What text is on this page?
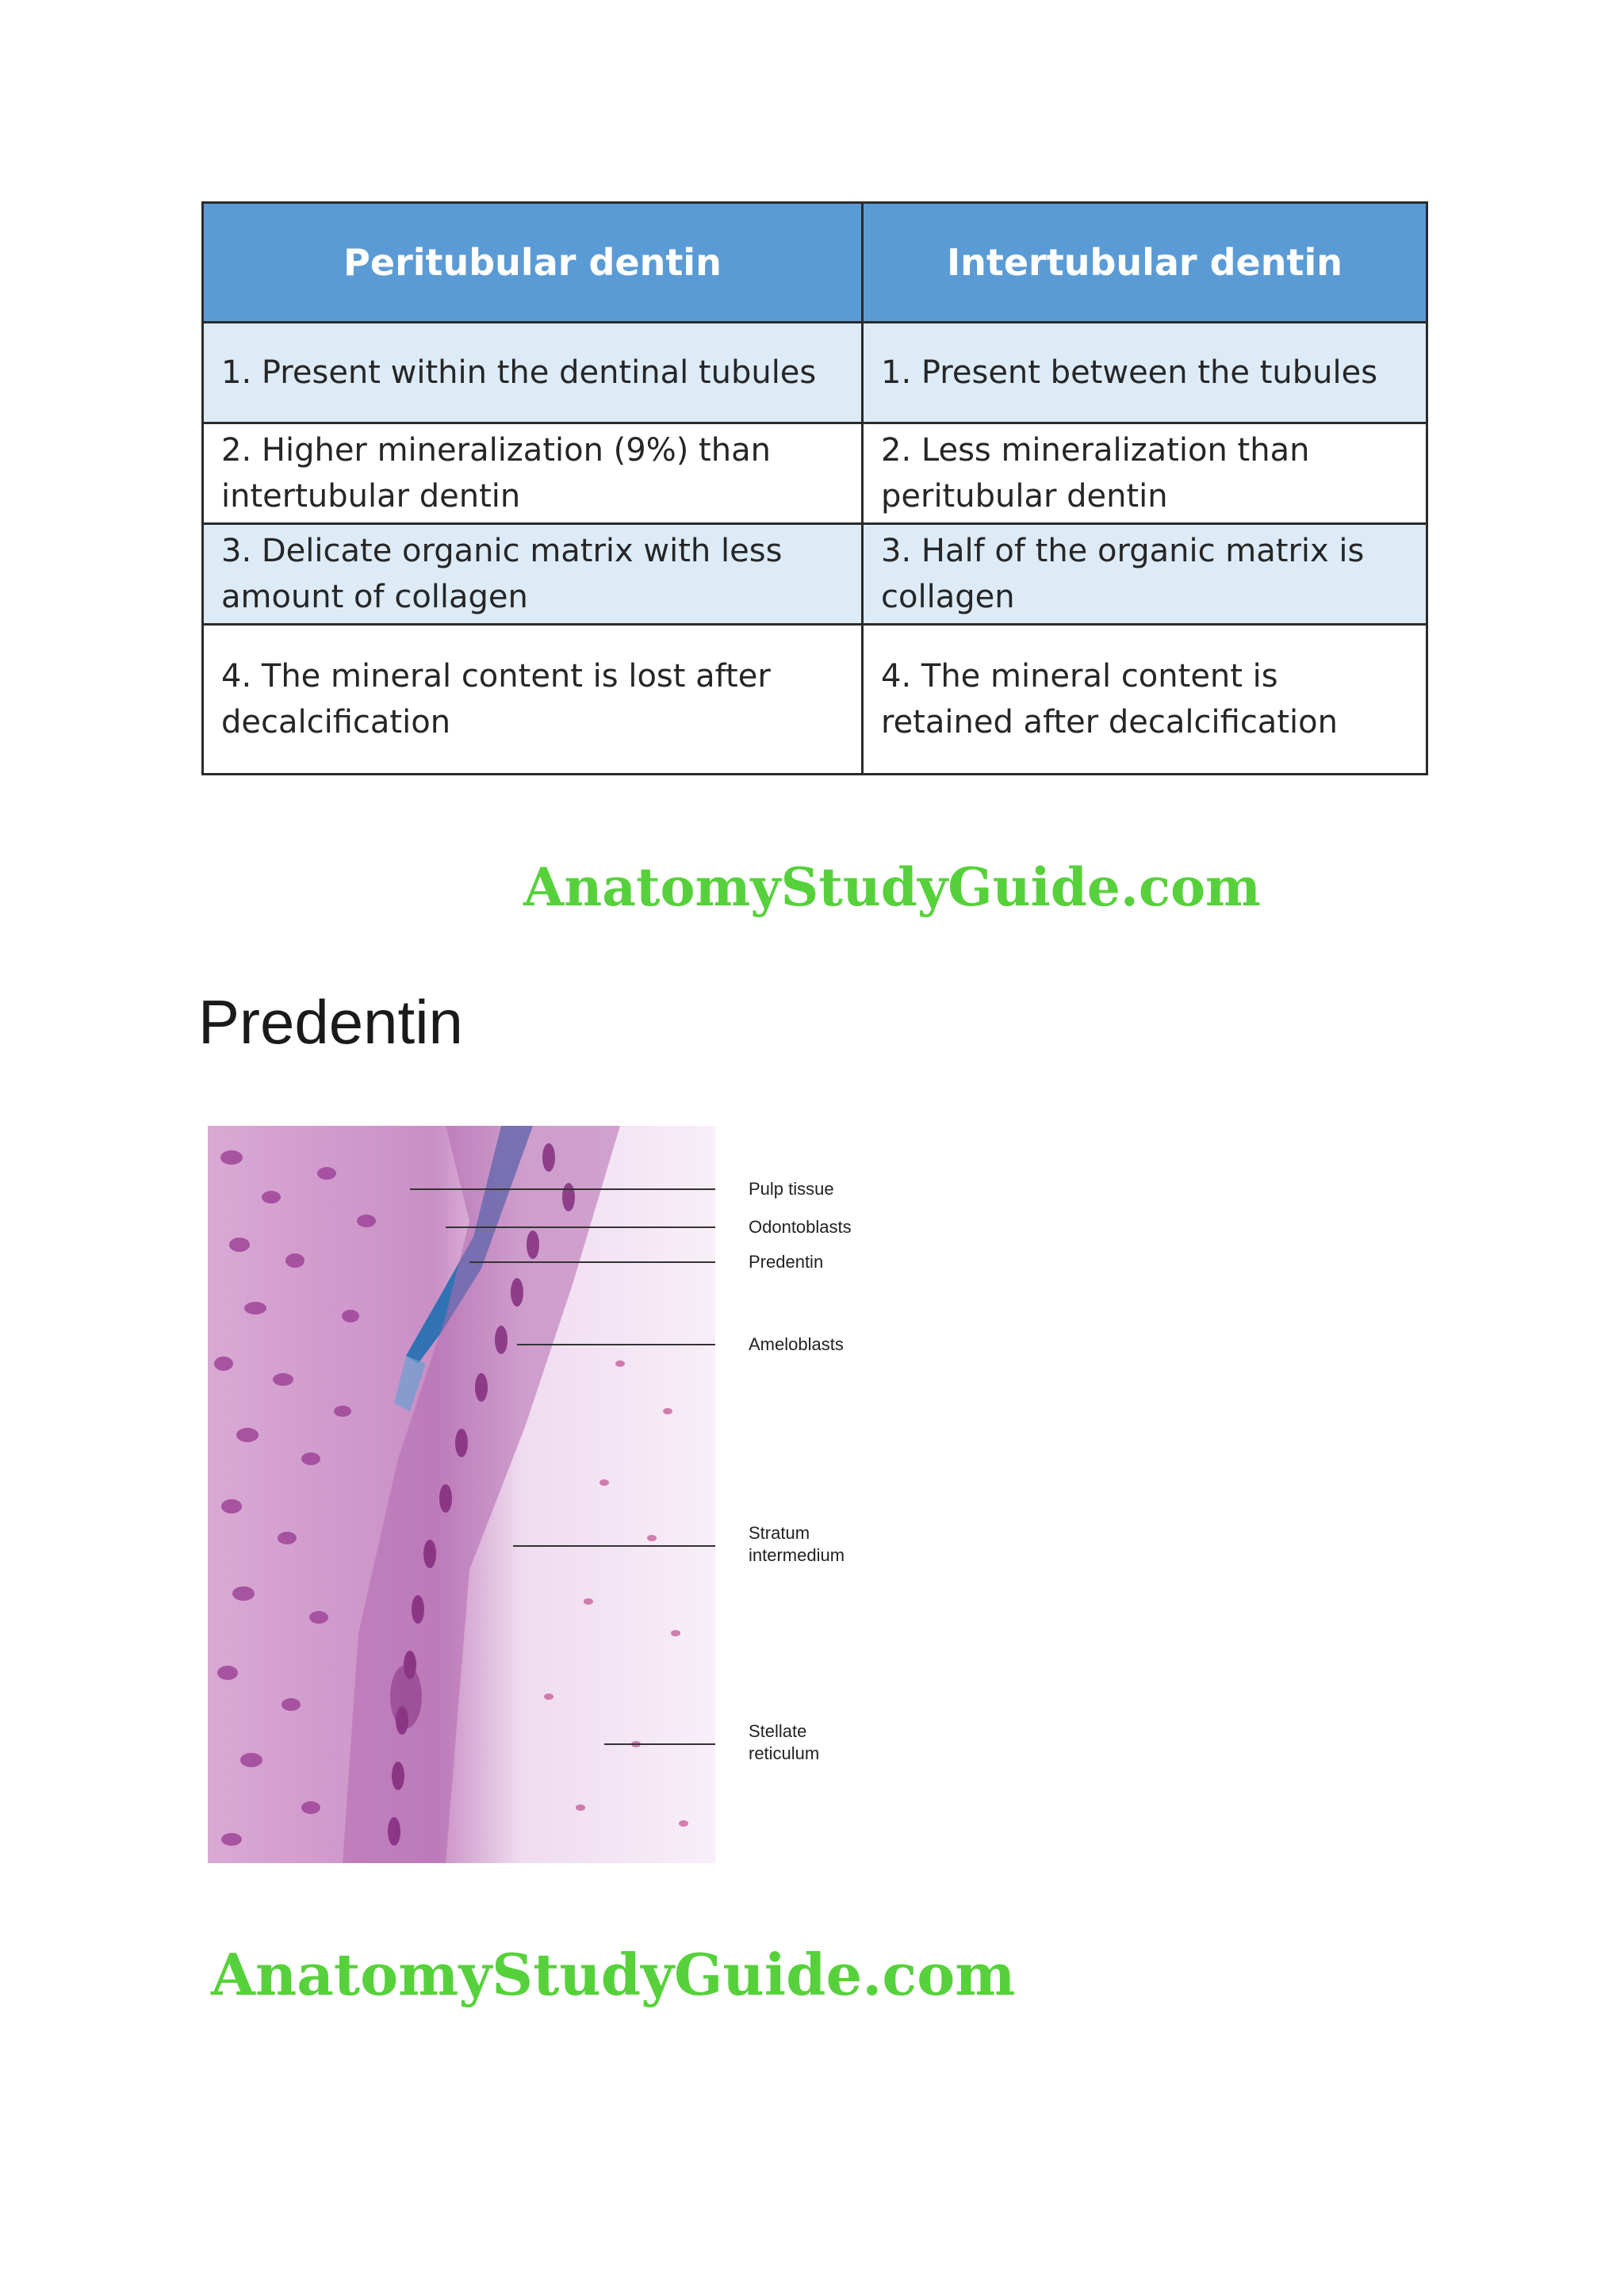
Peritubular dentin	Intertubular dentin
1. Present within the dentinal tubules	1. Present between the tubules
2. Higher mineralization (9%) than intertubular dentin	2. Less mineralization than peritubular dentin
3. Delicate organic matrix with less amount of collagen	3. Half of the organic matrix is collagen
4. The mineral content is lost after decalcification	4. The mineral content is retained after decalcification
AnatomyStudyGuide.com
Predentin
Pulp tissue
Odontoblasts
Predentin
Ameloblasts
Stratum
intermedium
Stellate
reticulum
AnatomyStudyGuide.com
